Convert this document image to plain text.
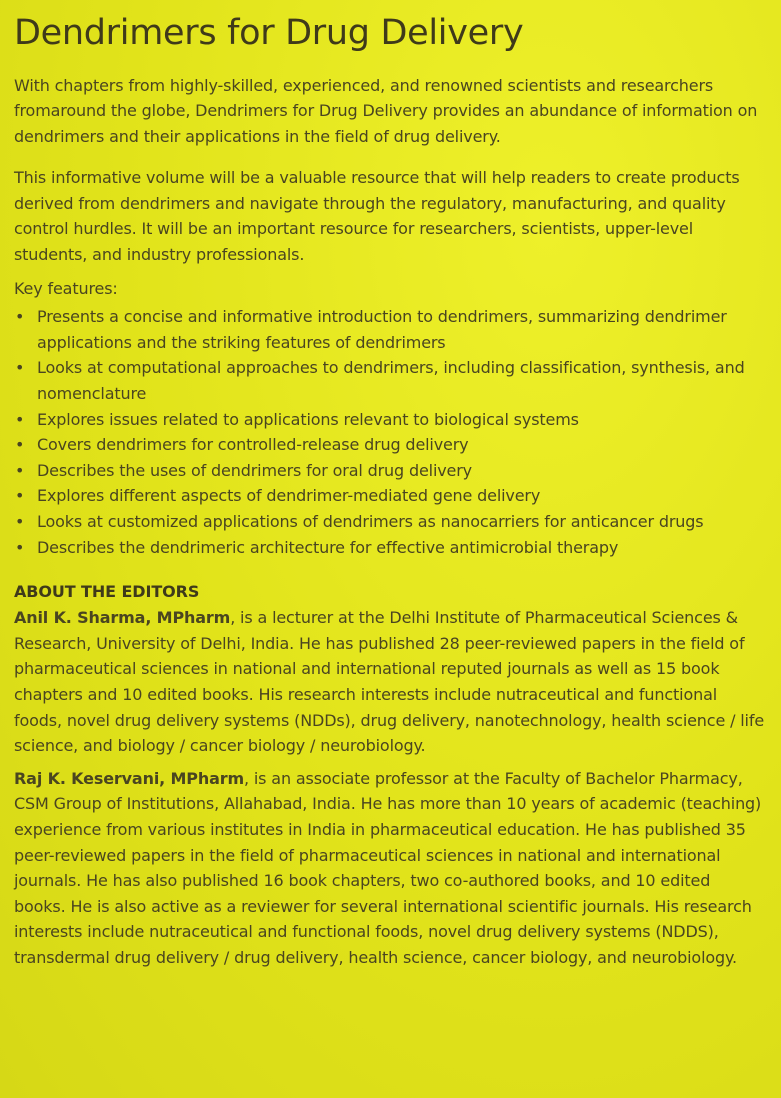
Dendrimers for Drug Delivery

With chapters from highly-skilled, experienced, and renowned scientists and researchers fromaround the globe, Dendrimers for Drug Delivery provides an abundance of information on dendrimers and their applications in the field of drug delivery.

This informative volume will be a valuable resource that will help readers to create products derived from dendrimers and navigate through the regulatory, manufacturing, and quality control hurdles. It will be an important resource for researchers, scientists, upper-level students, and industry professionals.

Key features:

• Presents a concise and informative introduction to dendrimers, summarizing dendrimer applications and the striking features of dendrimers
• Looks at computational approaches to dendrimers, including classification, synthesis, and nomenclature
• Explores issues related to applications relevant to biological systems
• Covers dendrimers for controlled-release drug delivery
• Describes the uses of dendrimers for oral drug delivery
• Explores different aspects of dendrimer-mediated gene delivery
• Looks at customized applications of dendrimers as nanocarriers for anticancer drugs
• Describes the dendrimeric architecture for effective antimicrobial therapy
ABOUT THE EDITORS

Anil K. Sharma, MPharm, is a lecturer at the Delhi Institute of Pharmaceutical Sciences & Research, University of Delhi, India. He has published 28 peer-reviewed papers in the field of pharmaceutical sciences in national and international reputed journals as well as 15 book chapters and 10 edited books. His research interests include nutraceutical and functional foods, novel drug delivery systems (NDDs), drug delivery, nanotechnology, health science / life science, and biology / cancer biology / neurobiology.

Raj K. Keservani, MPharm, is an associate professor at the Faculty of Bachelor Pharmacy, CSM Group of Institutions, Allahabad, India. He has more than 10 years of academic (teaching) experience from various institutes in India in pharmaceutical education. He has published 35 peer-reviewed papers in the field of pharmaceutical sciences in national and international journals. He has also published 16 book chapters, two co-authored books, and 10 edited books. He is also active as a reviewer for several international scientific journals. His research interests include nutraceutical and functional foods, novel drug delivery systems (NDDS), transdermal drug delivery / drug delivery, health science, cancer biology, and neurobiology.
